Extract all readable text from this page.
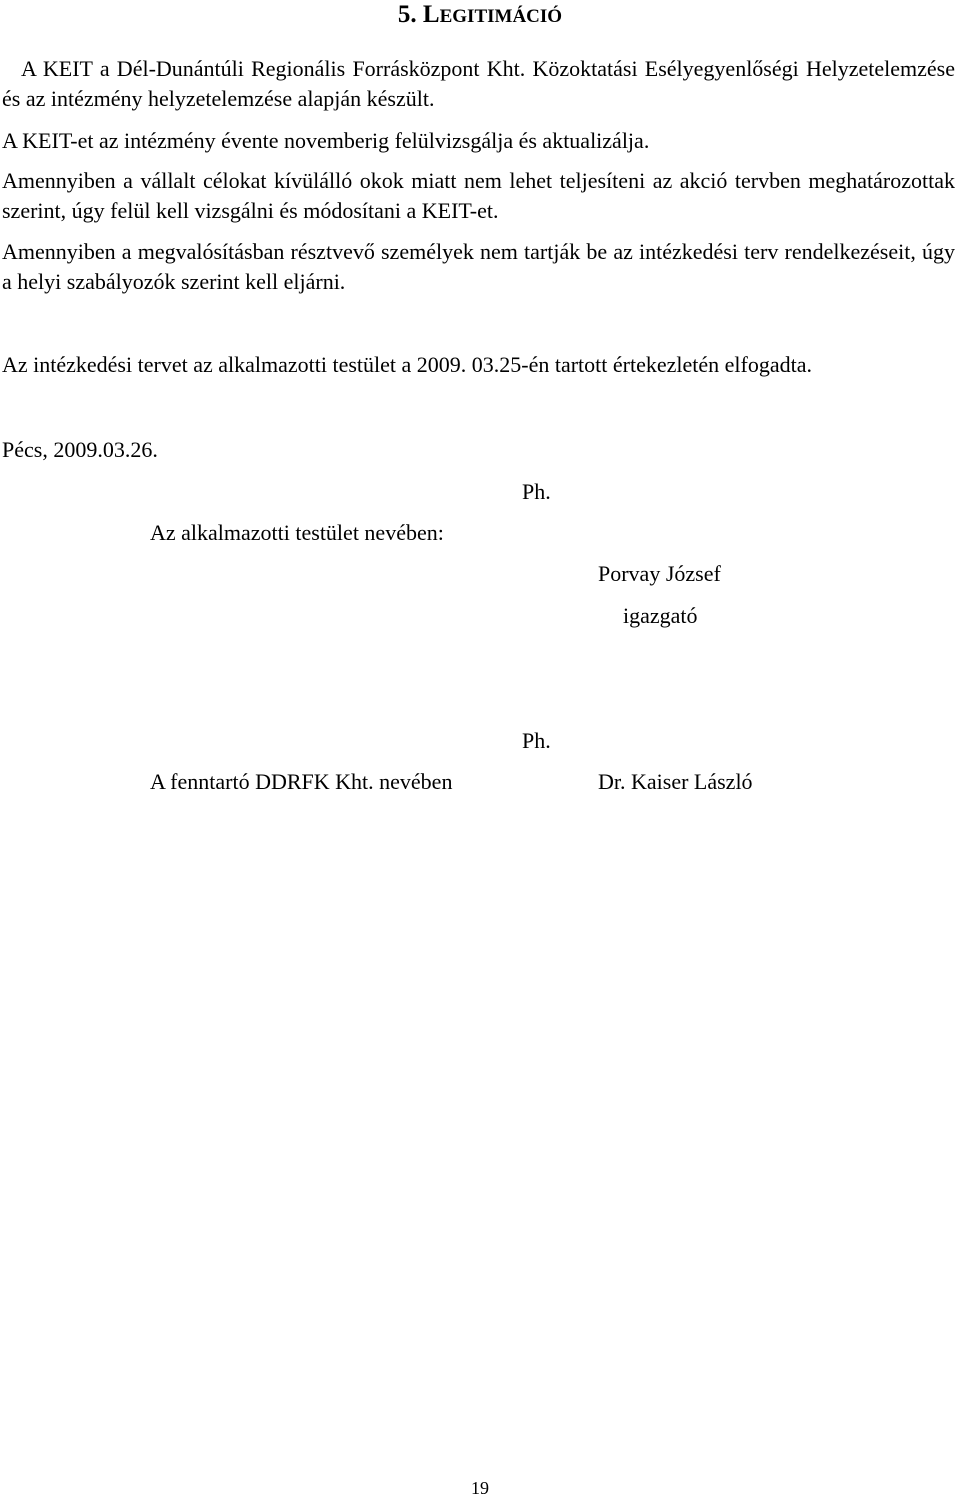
5. LEGITIMÁCIÓ

A KEIT a Dél-Dunántúli Regionális Forrásközpont Kht. Közoktatási Esélyegyenlőségi Helyzetelemzése és az intézmény helyzetelemzése alapján készült.

A KEIT-et az intézmény évente novemberig felülvizsgálja és aktualizálja.

Amennyiben a vállalt célokat kívülálló okok miatt nem lehet teljesíteni az akció tervben meghatározottak szerint, úgy felül kell vizsgálni és módosítani a KEIT-et.

Amennyiben a megvalósításban résztvevő személyek nem tartják be az intézkedési terv rendelkezéseit, úgy a helyi szabályozók szerint kell eljárni.

Az intézkedési tervet az alkalmazotti testület a 2009. 03.25-én tartott értekezletén elfogadta.

Pécs, 2009.03.26.
Ph.
Az alkalmazotti testület nevében:
Porvay József
igazgató
Ph.
A fenntartó DDRFK Kht. nevében	Dr. Kaiser László
19
